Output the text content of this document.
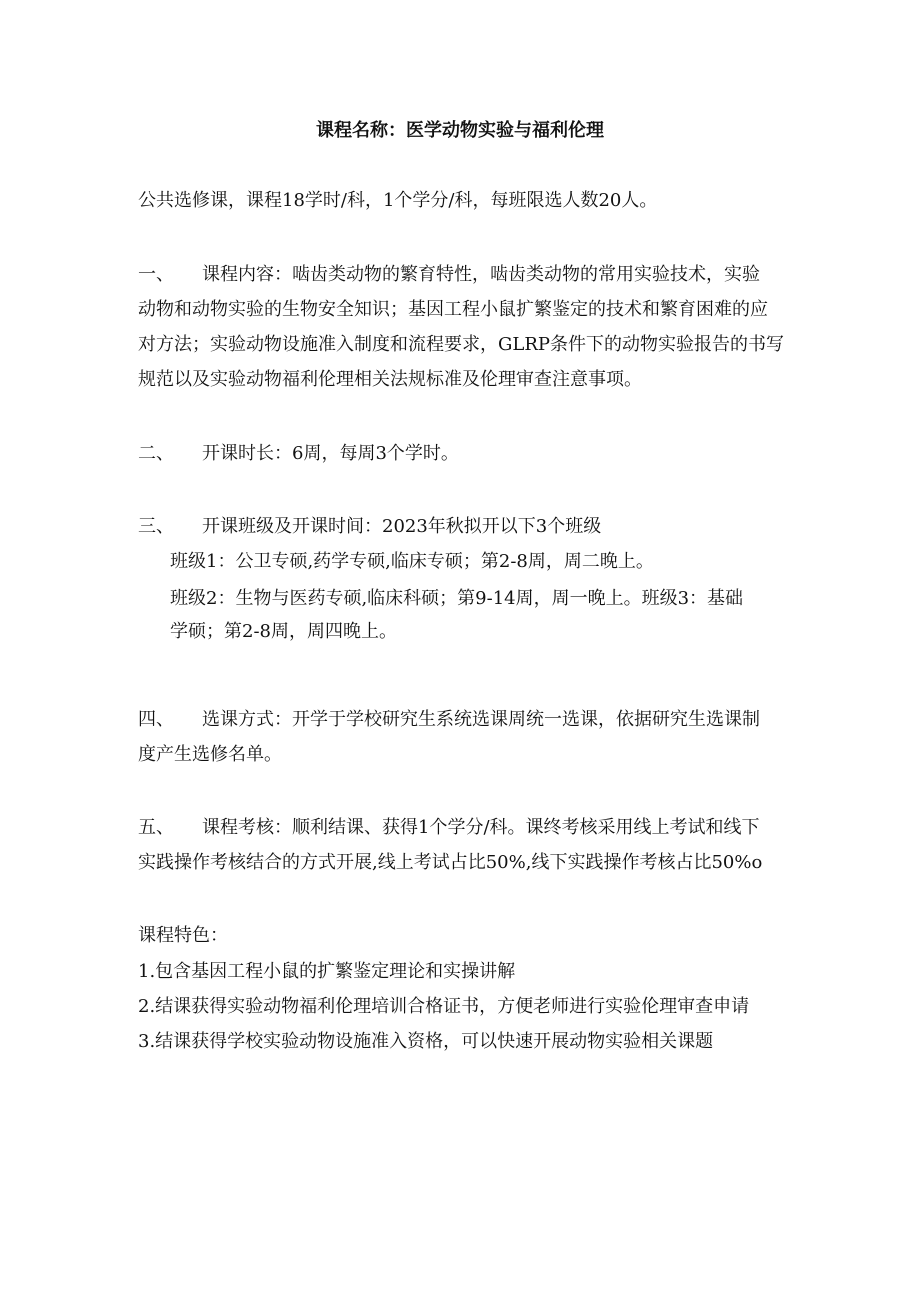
课程名称：医学动物实验与福利伦理
公共选修课，课程18学时/科，1个学分/科，每班限选人数20人。
一、 课程内容：啮齿类动物的繁育特性，啮齿类动物的常用实验技术，实验
动物和动物实验的生物安全知识；基因工程小鼠扩繁鉴定的技术和繁育困难的应
对方法；实验动物设施准入制度和流程要求，GLRP条件下的动物实验报告的书写
规范以及实验动物福利伦理相关法规标准及伦理审查注意事项。
二、 开课时长：6周，每周3个学时。
三、 开课班级及开课时间：2023年秋拟开以下3个班级
班级1：公卫专硕,药学专硕,临床专硕；第2-8周，周二晚上。
班级2：生物与医药专硕,临床科硕；第9-14周，周一晚上。班级3：基础
学硕；第2-8周，周四晚上。
四、 选课方式：开学于学校研究生系统选课周统一选课，依据研究生选课制
度产生选修名单。
五、 课程考核：顺利结课、获得1个学分/科。课终考核采用线上考试和线下
实践操作考核结合的方式开展,线上考试占比50%,线下实践操作考核占比50%o
课程特色：
1.包含基因工程小鼠的扩繁鉴定理论和实操讲解
2.结课获得实验动物福利伦理培训合格证书，方便老师进行实验伦理审查申请
3.结课获得学校实验动物设施准入资格，可以快速开展动物实验相关课题
